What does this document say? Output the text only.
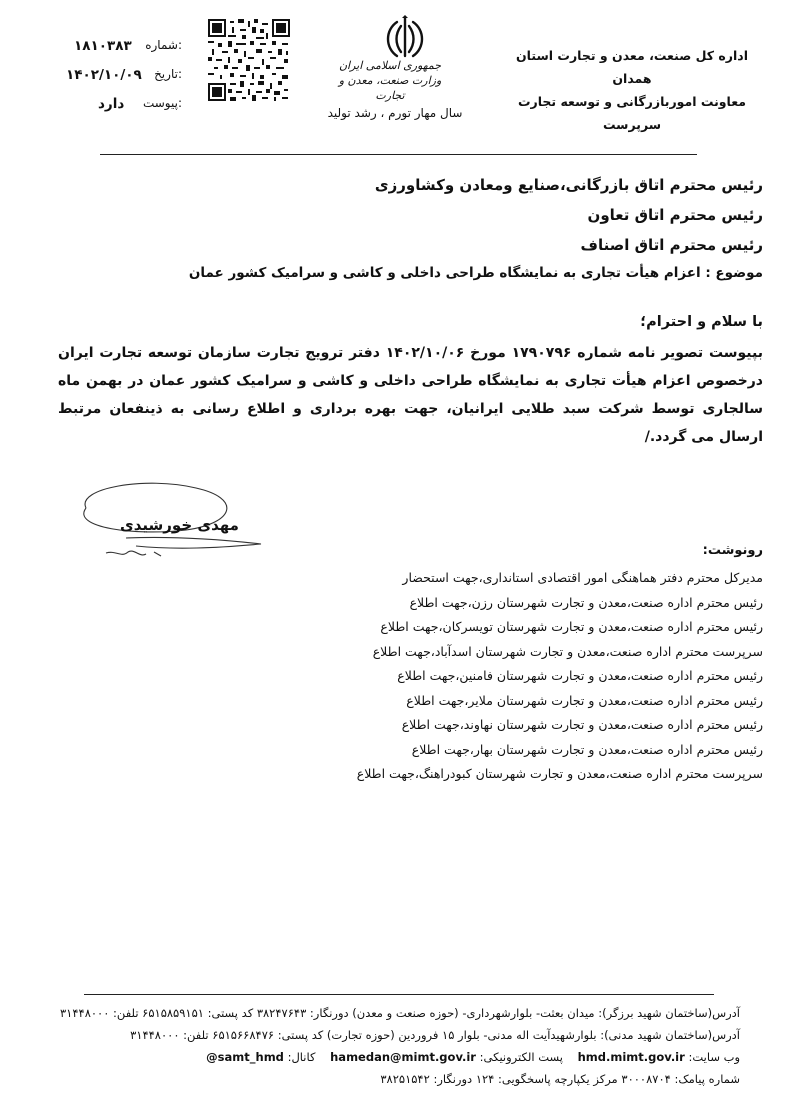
اداره کل صنعت، معدن و تجارت استان همدان
معاونت اموربازرگانی و توسعه تجارت
سرپرست
جمهوری اسلامی ایران
وزارت صنعت، معدن و تجارت
سال مهار تورم ، رشد تولید
شماره:
۱۸۱۰۳۸۳
تاریخ:
۱۴۰۲/۱۰/۰۹
پیوست:
دارد
رئیس محترم اتاق بازرگانی،صنایع ومعادن وکشاورزی
رئیس محترم اتاق تعاون
رئیس محترم اتاق اصناف
موضوع : اعزام هیأت تجاری به نمایشگاه طراحی داخلی و کاشی و سرامیک کشور عمان
با سلام و احترام؛
بپیوست تصویر نامه شماره ۱۷۹۰۷۹۶ مورخ ۱۴۰۲/۱۰/۰۶ دفتر ترویج تجارت سازمان توسعه تجارت ایران درخصوص اعزام هیأت تجاری به نمایشگاه طراحی داخلی و کاشی و سرامیک کشور عمان در بهمن ماه سالجاری توسط شرکت سبد طلایی ایرانیان، جهت بهره برداری و اطلاع رسانی به ذینفعان مرتبط ارسال می گردد./
مهدی خورشیدی
رونوشت:
مدیرکل محترم دفتر هماهنگی امور اقتصادی استانداری،جهت استحضار
رئیس محترم اداره صنعت،معدن و تجارت شهرستان رزن،جهت اطلاع
رئیس محترم اداره صنعت،معدن و تجارت شهرستان تویسرکان،جهت اطلاع
سرپرست محترم اداره صنعت،معدن و تجارت شهرستان اسدآباد،جهت اطلاع
رئیس محترم اداره صنعت،معدن و تجارت شهرستان فامنین،جهت اطلاع
رئیس محترم اداره صنعت،معدن و تجارت شهرستان ملایر،جهت اطلاع
رئیس محترم اداره صنعت،معدن و تجارت شهرستان نهاوند،جهت اطلاع
رئیس محترم اداره صنعت،معدن و تجارت شهرستان بهار،جهت اطلاع
سرپرست محترم اداره صنعت،معدن و تجارت شهرستان کبودراهنگ،جهت اطلاع
آدرس(ساختمان شهید برزگر): میدان بعثت- بلوارشهرداری- (حوزه صنعت و معدن) دورنگار: ۳۸۲۴۷۶۴۳ کد پستی: ۶۵۱۵۸۵۹۱۵۱ تلفن: ۳۱۴۴۸۰۰۰
آدرس(ساختمان شهید مدنی): بلوارشهیدآیت اله مدنی- بلوار ۱۵ فروردین (حوزه تجارت) کد پستی: ۶۵۱۵۶۶۸۴۷۶ تلفن: ۳۱۴۴۸۰۰۰
وب سایت: hmd.mimt.gov.ir    پست الکترونیکی: hamedan@mimt.gov.ir    کانال: @samt_hmd
شماره پیامک: ۳۰۰۰۸۷۰۴ مرکز یکپارچه پاسخگویی: ۱۲۴ دورنگار: ۳۸۲۵۱۵۴۲
